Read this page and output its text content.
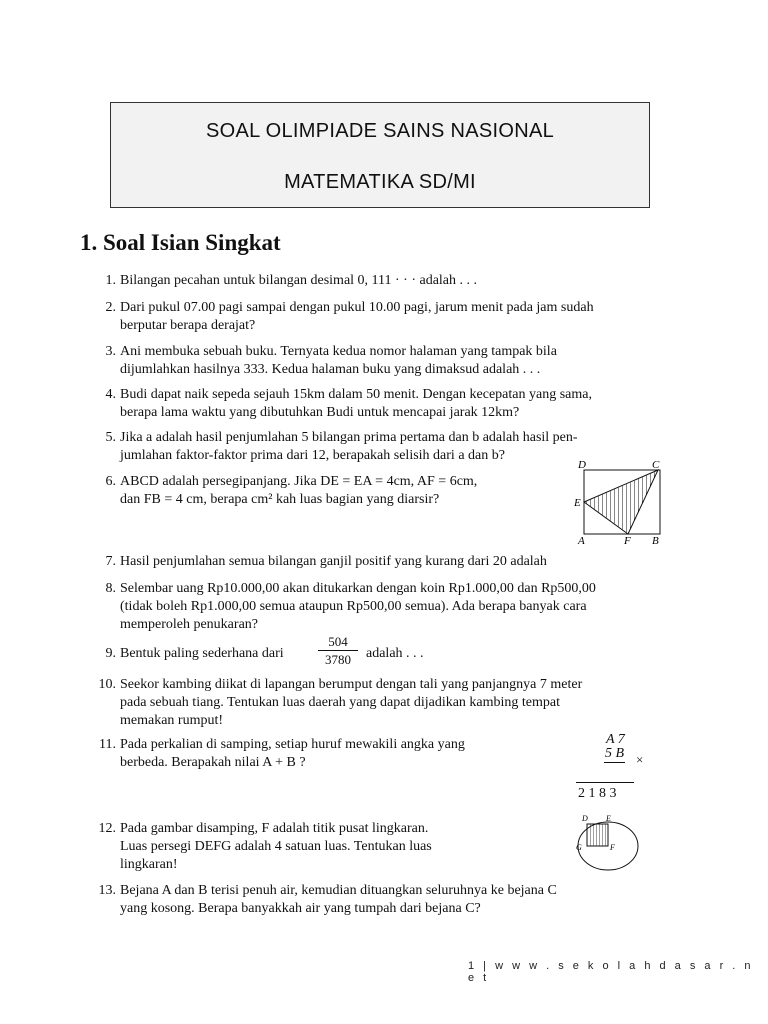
SOAL OLIMPIADE SAINS NASIONAL
MATEMATIKA SD/MI
1. Soal Isian Singkat
1. Bilangan pecahan untuk bilangan desimal 0, 111 · · · adalah . . .
2. Dari pukul 07.00 pagi sampai dengan pukul 10.00 pagi, jarum menit pada jam sudah
berputar berapa derajat?
3. Ani membuka sebuah buku. Ternyata kedua nomor halaman yang tampak bila
dijumlahkan hasilnya 333. Kedua halaman buku yang dimaksud adalah . . .
4. Budi dapat naik sepeda sejauh 15km dalam 50 menit. Dengan kecepatan yang sama,
berapa lama waktu yang dibutuhkan Budi untuk mencapai jarak 12km?
5. Jika a adalah hasil penjumlahan 5 bilangan prima pertama dan b adalah hasil pen-
jumlahan faktor-faktor prima dari 12, berapakah selisih dari a dan b?
6. ABCD adalah persegipanjang. Jika DE = EA = 4cm, AF = 6cm,
dan FB = 4 cm, berapa cm² kah luas bagian yang diarsir?
D	C
E
A	F B
7. Hasil penjumlahan semua bilangan ganjil positif yang kurang dari 20 adalah
8. Selembar uang Rp10.000,00 akan ditukarkan dengan koin Rp1.000,00 dan Rp500,00
(tidak boleh Rp1.000,00 semua ataupun Rp500,00 semua). Ada berapa banyak cara
memperoleh penukaran?
9. Bentuk paling sederhana dari	$\frac{504}{3780}$ adalah . . .
10. Seekor kambing diikat di lapangan berumput dengan tali yang panjangnya 7 meter
pada sebuah tiang. Tentukan luas daerah yang dapat dijadikan kambing tempat
memakan rumput!
11. Pada perkalian di samping, setiap huruf mewakili angka yang
berbeda. Berapakah nilai A + B ?
A 7
5 B ×
2 1 8 3
12. Pada gambar disamping, F adalah titik pusat lingkaran.
Luas persegi DEFG adalah 4 satuan luas. Tentukan luas
lingkaran!
D E
G	F
13. Bejana A dan B terisi penuh air, kemudian dituangkan seluruhnya ke bejana C
yang kosong. Berapa banyakkah air yang tumpah dari bejana C?
1 | w w w . s e k o l a h d a s a r . n e t
